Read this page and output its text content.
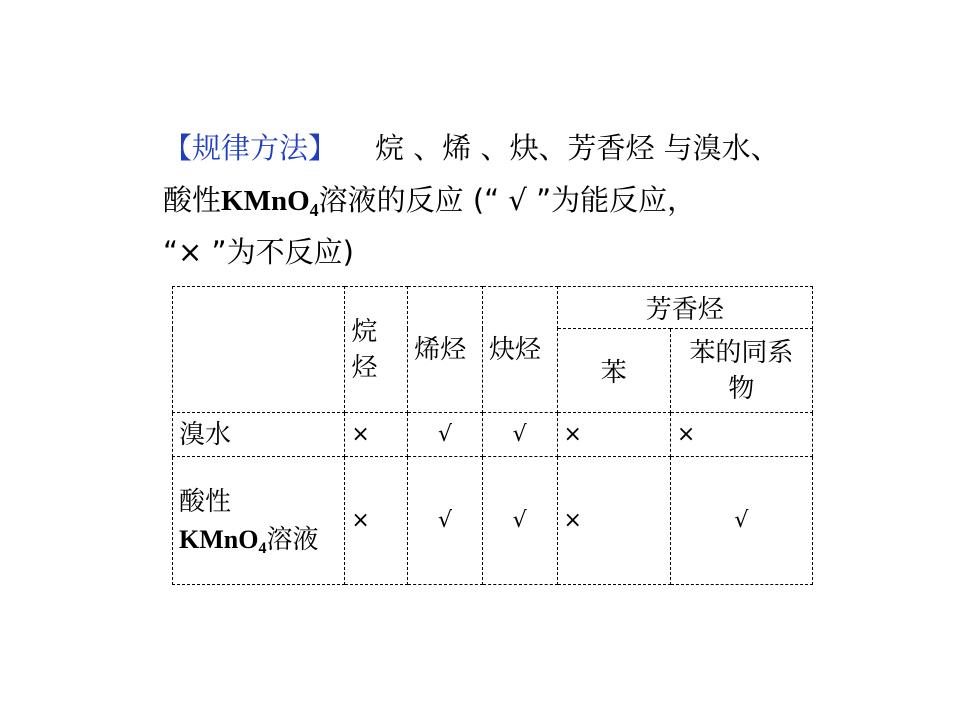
【规律方法】 烷 、烯 、炔、芳香烃 与溴水、
酸性KMnO$_4$溶液的反应 (“ √ ”为能反应，
“× ”为不反应)
	烷烃	烯烃	炔烃	芳香烃	
				苯	苯的同系物
溴水	×	√	√	×	×
酸性
KMnO$_4$溶液	×	√	√	×	√
